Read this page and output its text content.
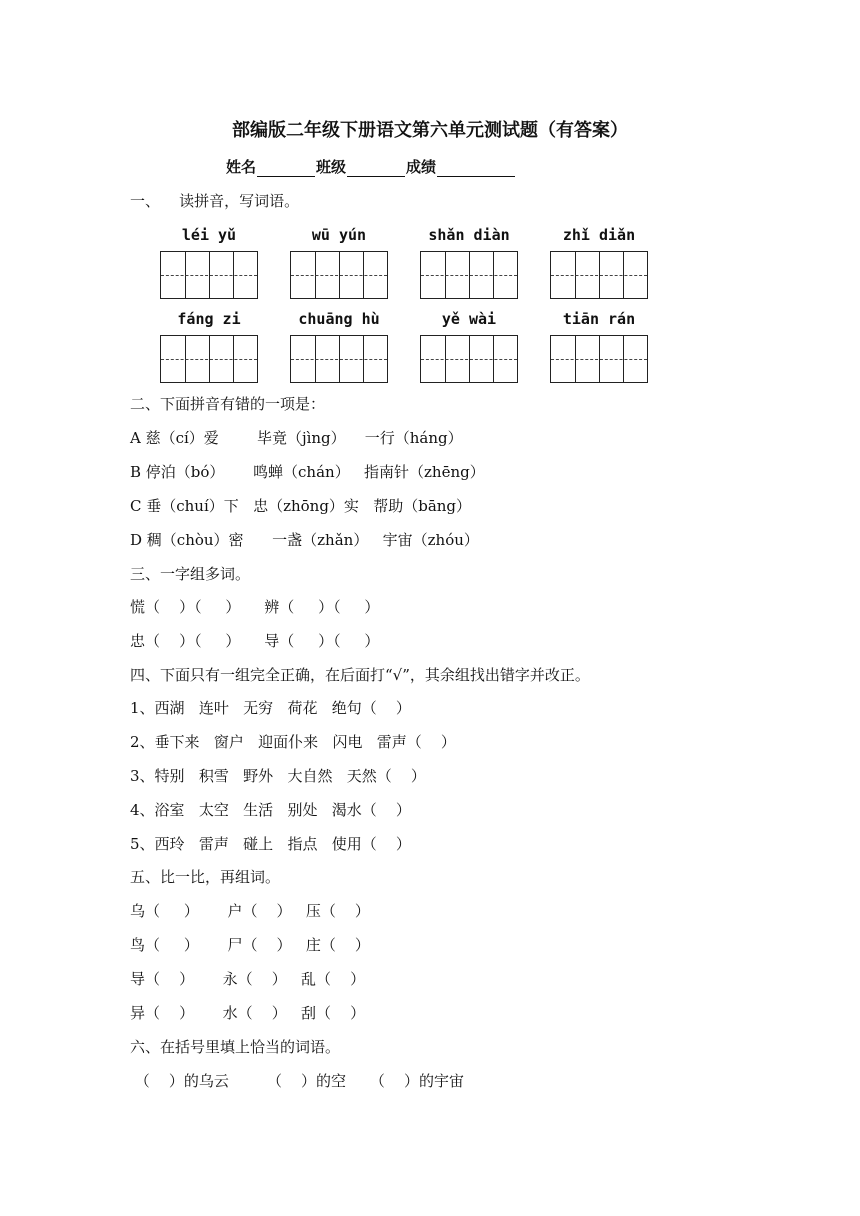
部编版二年级下册语文第六单元测试题（有答案）
姓名	班级	成绩
一、    读拼音，写词语。
léi yǔ	wū yún	shǎn diàn	zhǐ diǎn
fáng zi	chuāng hù	yě wài	tiān rán
二、下面拼音有错的一项是：
A 慈（cí）爱        毕竟（jìng）    一行（háng）
B 停泊（bó）      鸣蝉（chán）   指南针（zhēng）
C 垂（chuí）下   忠（zhōng）实   帮助（bāng）
D 稠（chòu）密      一盏（zhǎn）   宇宙（zhóu）
三、一字组多词。
慌（    ）（     ）     辨（     ）（     ）
忠（    ）（     ）     导（     ）（     ）
四、下面只有一组完全正确，在后面打“√”，其余组找出错字并改正。
1、西湖   连叶   无穷   荷花   绝句（    ）
2、垂下来   窗户   迎面仆来   闪电   雷声（    ）
3、特别   积雪   野外   大自然   天然（    ）
4、浴室   太空   生活   别处   渴水（    ）
5、西玲   雷声   碰上   指点   使用（    ）
五、比一比，再组词。
乌（     ）      户（    ）   压（    ）
鸟（     ）      尸（    ）   庄（    ）
导（    ）      永（    ）   乱（    ）
异（    ）      水（    ）   刮（    ）
六、在括号里填上恰当的词语。
（    ）的乌云        （    ）的空     （    ）的宇宙
